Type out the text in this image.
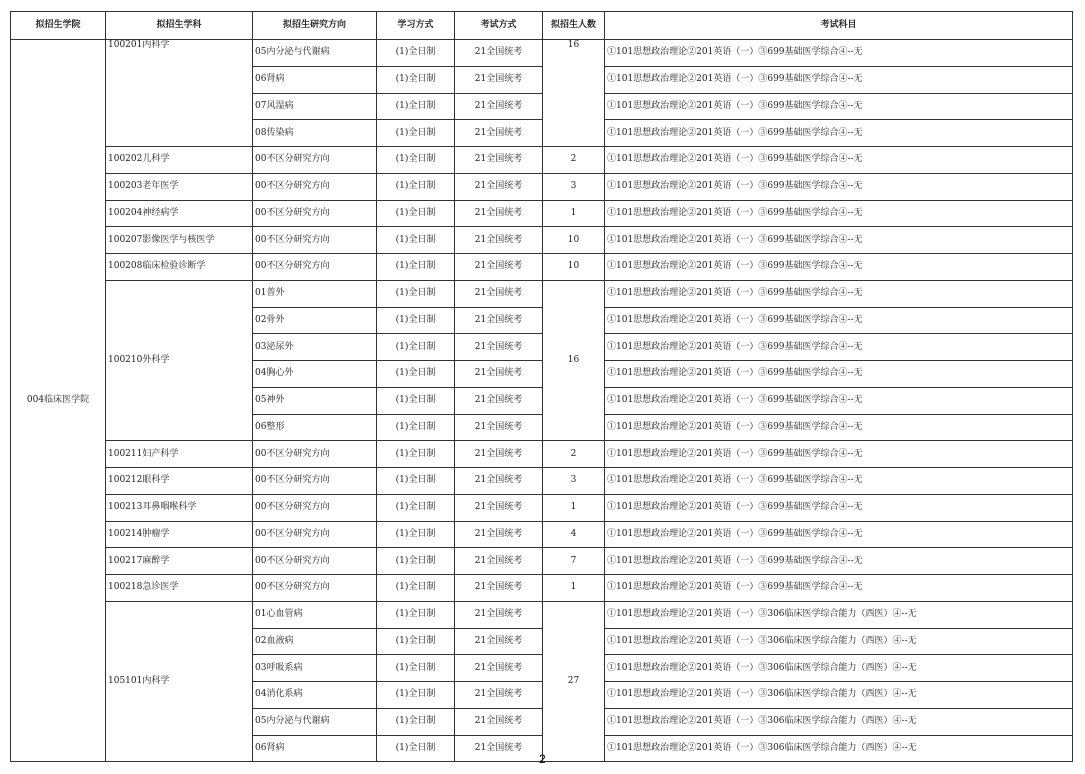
拟招生学院	拟招生学科	拟招生研究方向	学习方式	考试方式	拟招生人数	考试科目
004临床医学院	100201内科学	05内分泌与代谢病	(1)全日制	21全国统考	16	①101思想政治理论②201英语（一）③699基础医学综合④--无
		06肾病	(1)全日制	21全国统考		①101思想政治理论②201英语（一）③699基础医学综合④--无
		07风湿病	(1)全日制	21全国统考		①101思想政治理论②201英语（一）③699基础医学综合④--无
		08传染病	(1)全日制	21全国统考		①101思想政治理论②201英语（一）③699基础医学综合④--无
	100202儿科学	00不区分研究方向	(1)全日制	21全国统考	2	①101思想政治理论②201英语（一）③699基础医学综合④--无
	100203老年医学	00不区分研究方向	(1)全日制	21全国统考	3	①101思想政治理论②201英语（一）③699基础医学综合④--无
	100204神经病学	00不区分研究方向	(1)全日制	21全国统考	1	①101思想政治理论②201英语（一）③699基础医学综合④--无
	100207影像医学与核医学	00不区分研究方向	(1)全日制	21全国统考	10	①101思想政治理论②201英语（一）③699基础医学综合④--无
	100208临床检验诊断学	00不区分研究方向	(1)全日制	21全国统考	10	①101思想政治理论②201英语（一）③699基础医学综合④--无
	100210外科学	01普外	(1)全日制	21全国统考	16	①101思想政治理论②201英语（一）③699基础医学综合④--无
		02骨外	(1)全日制	21全国统考		①101思想政治理论②201英语（一）③699基础医学综合④--无
		03泌尿外	(1)全日制	21全国统考		①101思想政治理论②201英语（一）③699基础医学综合④--无
		04胸心外	(1)全日制	21全国统考		①101思想政治理论②201英语（一）③699基础医学综合④--无
		05神外	(1)全日制	21全国统考		①101思想政治理论②201英语（一）③699基础医学综合④--无
		06整形	(1)全日制	21全国统考		①101思想政治理论②201英语（一）③699基础医学综合④--无
	100211妇产科学	00不区分研究方向	(1)全日制	21全国统考	2	①101思想政治理论②201英语（一）③699基础医学综合④--无
	100212眼科学	00不区分研究方向	(1)全日制	21全国统考	3	①101思想政治理论②201英语（一）③699基础医学综合④--无
	100213耳鼻咽喉科学	00不区分研究方向	(1)全日制	21全国统考	1	①101思想政治理论②201英语（一）③699基础医学综合④--无
	100214肿瘤学	00不区分研究方向	(1)全日制	21全国统考	4	①101思想政治理论②201英语（一）③699基础医学综合④--无
	100217麻醉学	00不区分研究方向	(1)全日制	21全国统考	7	①101思想政治理论②201英语（一）③699基础医学综合④--无
	100218急诊医学	00不区分研究方向	(1)全日制	21全国统考	1	①101思想政治理论②201英语（一）③699基础医学综合④--无
	105101内科学	01心血管病	(1)全日制	21全国统考	27	①101思想政治理论②201英语（一）③306临床医学综合能力（西医）④--无
		02血液病	(1)全日制	21全国统考		①101思想政治理论②201英语（一）③306临床医学综合能力（西医）④--无
		03呼吸系病	(1)全日制	21全国统考		①101思想政治理论②201英语（一）③306临床医学综合能力（西医）④--无
		04消化系病	(1)全日制	21全国统考		①101思想政治理论②201英语（一）③306临床医学综合能力（西医）④--无
		05内分泌与代谢病	(1)全日制	21全国统考		①101思想政治理论②201英语（一）③306临床医学综合能力（西医）④--无
		06肾病	(1)全日制	21全国统考		①101思想政治理论②201英语（一）③306临床医学综合能力（西医）④--无
2
